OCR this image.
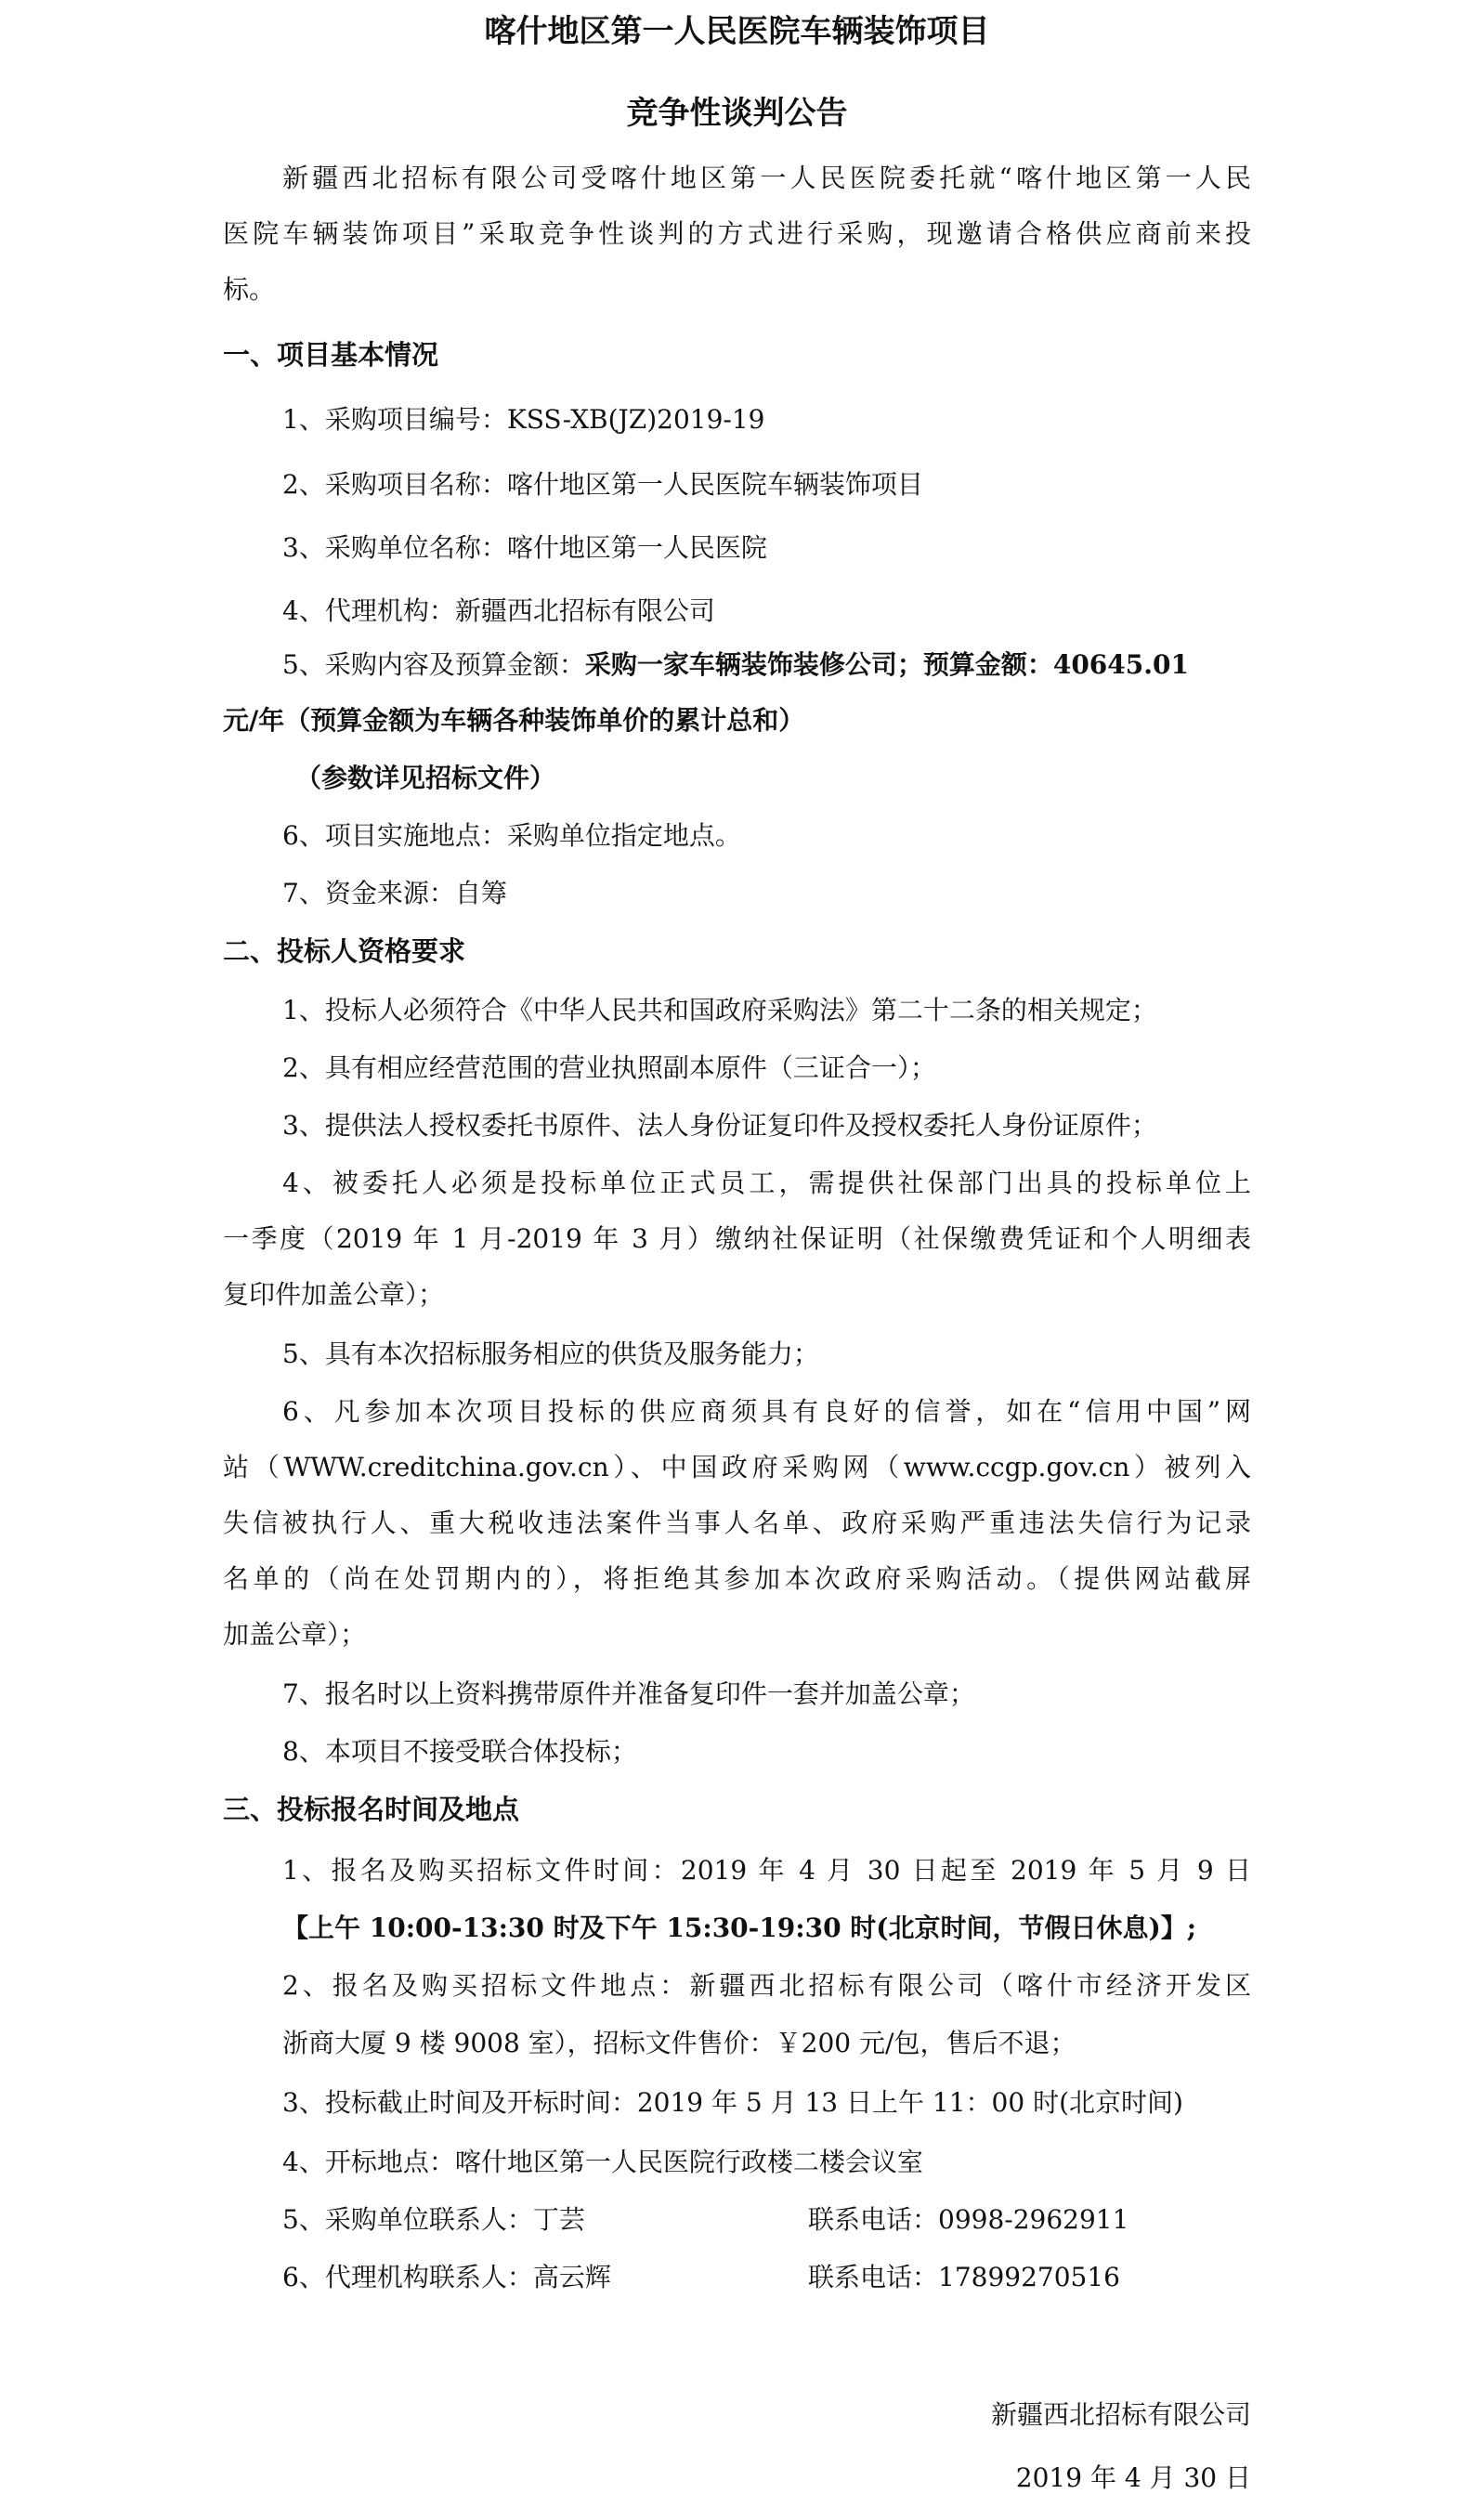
喀什地区第一人民医院车辆装饰项目
竞争性谈判公告
新疆西北招标有限公司受喀什地区第一人民医院委托就“喀什地区第一人民
医院车辆装饰项目”采取竞争性谈判的方式进行采购，现邀请合格供应商前来投
标。
一、项目基本情况
1、采购项目编号：KSS-XB(JZ)2019-19
2、采购项目名称：喀什地区第一人民医院车辆装饰项目
3、采购单位名称：喀什地区第一人民医院
4、代理机构：新疆西北招标有限公司
5、采购内容及预算金额：采购一家车辆装饰装修公司；预算金额：40645.01
元/年（预算金额为车辆各种装饰单价的累计总和）
（参数详见招标文件）
6、项目实施地点：采购单位指定地点。
7、资金来源：自筹
二、投标人资格要求
1、投标人必须符合《中华人民共和国政府采购法》第二十二条的相关规定；
2、具有相应经营范围的营业执照副本原件（三证合一）；
3、提供法人授权委托书原件、法人身份证复印件及授权委托人身份证原件；
4、被委托人必须是投标单位正式员工，需提供社保部门出具的投标单位上
一季度（2019 年 1 月-2019 年 3 月）缴纳社保证明（社保缴费凭证和个人明细表
复印件加盖公章）；
5、具有本次招标服务相应的供货及服务能力；
6、凡参加本次项目投标的供应商须具有良好的信誉，如在“信用中国”网
站（WWW.creditchina.gov.cn）、中国政府采购网（www.ccgp.gov.cn）被列入
失信被执行人、重大税收违法案件当事人名单、政府采购严重违法失信行为记录
名单的（尚在处罚期内的），将拒绝其参加本次政府采购活动。（提供网站截屏
加盖公章）；
7、报名时以上资料携带原件并准备复印件一套并加盖公章；
8、本项目不接受联合体投标；
三、投标报名时间及地点
1、报名及购买招标文件时间：2019 年 4 月 30 日起至 2019 年 5 月 9 日
【上午 10:00-13:30 时及下午 15:30-19:30 时(北京时间，节假日休息)】;
2、报名及购买招标文件地点：新疆西北招标有限公司（喀什市经济开发区
浙商大厦 9 楼 9008 室），招标文件售价：￥200 元/包，售后不退；
3、投标截止时间及开标时间：2019 年 5 月 13 日上午 11：00 时(北京时间)
4、开标地点：喀什地区第一人民医院行政楼二楼会议室
5、采购单位联系人：丁芸	联系电话：0998-2962911
6、代理机构联系人：高云辉	联系电话：17899270516
新疆西北招标有限公司
2019 年 4 月 30 日
